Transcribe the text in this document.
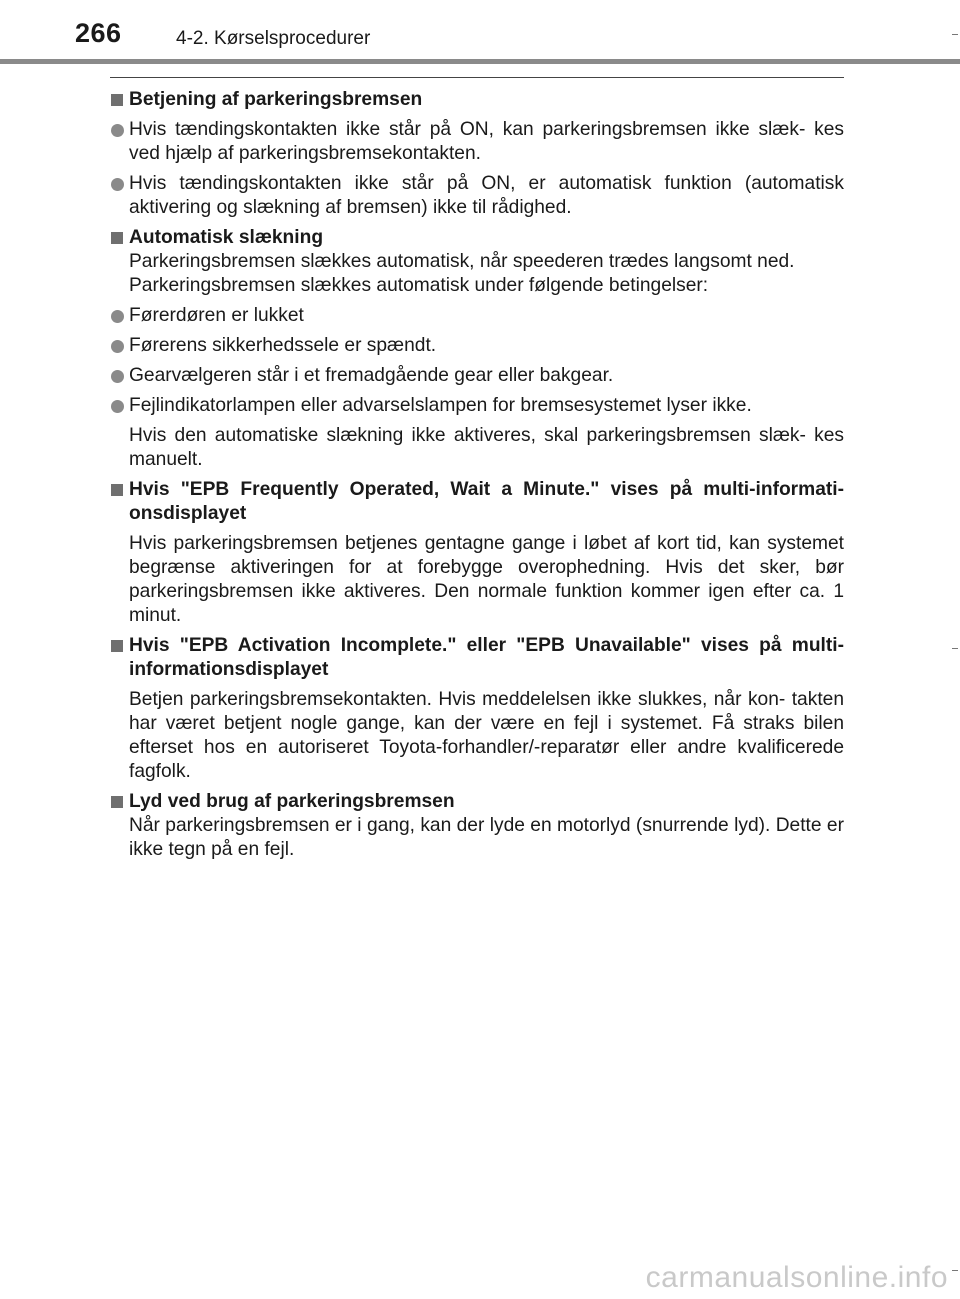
266	4-2. Kørselsprocedurer
Betjening af parkeringsbremsen
Hvis tændingskontakten ikke står på ON, kan parkeringsbremsen ikke slæk- kes ved hjælp af parkeringsbremsekontakten.
Hvis tændingskontakten ikke står på ON, er automatisk funktion (automatisk aktivering og slækning af bremsen) ikke til rådighed.
Automatisk slækning
Parkeringsbremsen slækkes automatisk, når speederen trædes langsomt ned.
Parkeringsbremsen slækkes automatisk under følgende betingelser:
Førerdøren er lukket
Førerens sikkerhedssele er spændt.
Gearvælgeren står i et fremadgående gear eller bakgear.
Fejlindikatorlampen eller advarselslampen for bremsesystemet lyser ikke.
Hvis den automatiske slækning ikke aktiveres, skal parkeringsbremsen slæk- kes manuelt.
Hvis "EPB Frequently Operated, Wait a Minute." vises på multi-informati- onsdisplayet
Hvis parkeringsbremsen betjenes gentagne gange i løbet af kort tid, kan systemet begrænse aktiveringen for at forebygge overophedning. Hvis det sker, bør parkeringsbremsen ikke aktiveres. Den normale funktion kommer igen efter ca. 1 minut.
Hvis "EPB Activation Incomplete." eller "EPB Unavailable" vises på multi-informationsdisplayet
Betjen parkeringsbremsekontakten. Hvis meddelelsen ikke slukkes, når kon- takten har været betjent nogle gange, kan der være en fejl i systemet. Få straks bilen efterset hos en autoriseret Toyota-forhandler/-reparatør eller andre kvalificerede fagfolk.
Lyd ved brug af parkeringsbremsen
Når parkeringsbremsen er i gang, kan der lyde en motorlyd (snurrende lyd). Dette er ikke tegn på en fejl.
carmanualsonline.info
